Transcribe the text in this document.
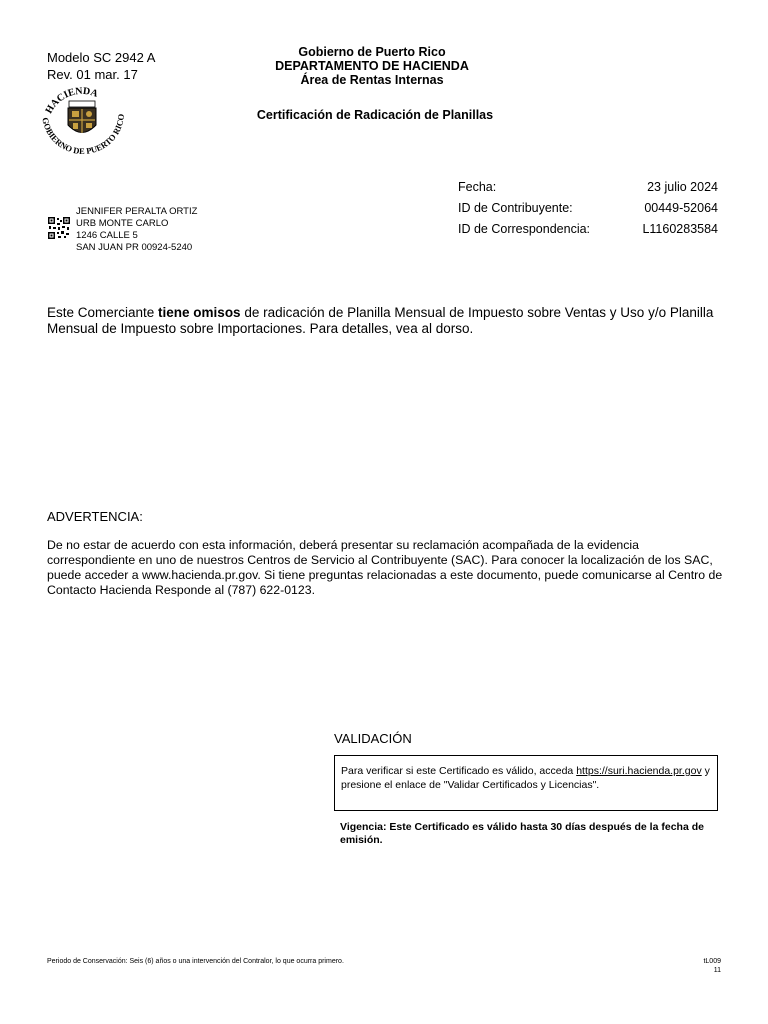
Modelo SC 2942 A
Rev. 01 mar. 17
Gobierno de Puerto Rico
DEPARTAMENTO DE HACIENDA
Área de Rentas Internas
Certificación de Radicación de Planillas
HACIENDA
GOBIERNO DE PUERTO RICO
Fecha:	23 julio 2024
ID de Contribuyente:	00449-52064
ID de Correspondencia:	L1160283584
JENNIFER PERALTA ORTIZ
URB MONTE CARLO
1246 CALLE 5
SAN JUAN PR 00924-5240
Este Comerciante tiene omisos de radicación de Planilla Mensual de Impuesto sobre Ventas y Uso y/o Planilla Mensual de Impuesto sobre Importaciones. Para detalles, vea al dorso.
ADVERTENCIA:
De no estar de acuerdo con esta información, deberá presentar su reclamación acompañada de la evidencia correspondiente en uno de nuestros Centros de Servicio al Contribuyente (SAC). Para conocer la localización de los SAC, puede acceder a www.hacienda.pr.gov. Si tiene preguntas relacionadas a este documento, puede comunicarse al Centro de Contacto Hacienda Responde al (787) 622-0123.
VALIDACIÓN
Para verificar si este Certificado es válido, acceda https://suri.hacienda.pr.gov y presione el enlace de "Validar Certificados y Licencias".
Vigencia: Este Certificado es válido hasta 30 días después de la fecha de emisión.
Periodo de Conservación: Seis (6) años o una intervención del Contralor, lo que ocurra primero.	tL009
11
